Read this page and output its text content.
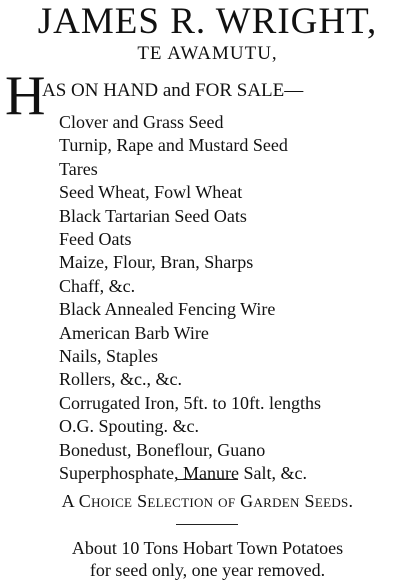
JAMES R. WRIGHT,
TE AWAMUTU,
H
AS ON HAND and FOR SALE—
Clover and Grass Seed
Turnip, Rape and Mustard Seed
Tares
Seed Wheat, Fowl Wheat
Black Tartarian Seed Oats
Feed Oats
Maize, Flour, Bran, Sharps
Chaff, &c.
Black Annealed Fencing Wire
American Barb Wire
Nails, Staples
Rollers, &c., &c.
Corrugated Iron, 5ft. to 10ft. lengths
O.G. Spouting. &c.
Bonedust, Boneflour, Guano
Superphosphate, Manure Salt, &c.
A Choice Selection of Garden Seeds.
About 10 Tons Hobart Town Potatoes
for seed only, one year removed.
